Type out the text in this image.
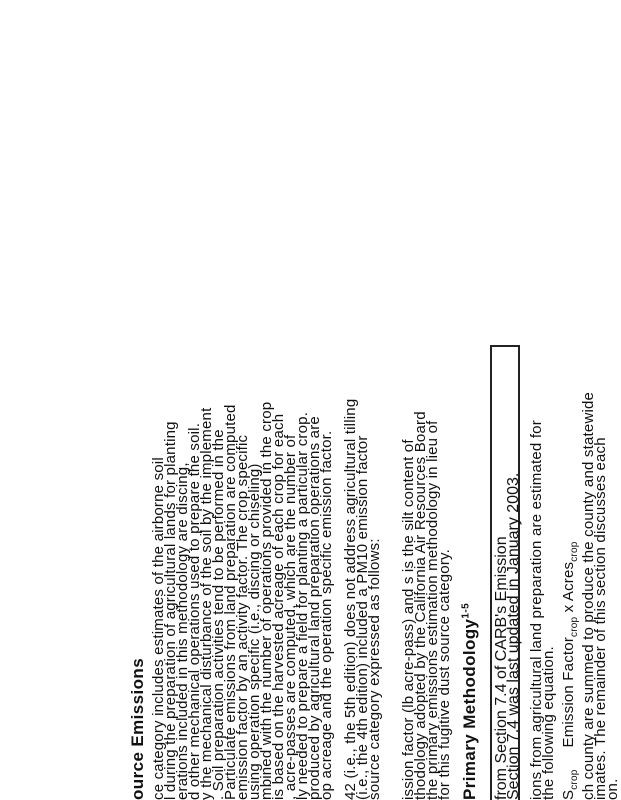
ource Emissions ce category includes estimates of the airborne soil
l during the preparation of agricultural lands for planting
erations included in this methodology are discing,
d other mechanical operations used to prepare the soil.
y the mechanical disturbance of the soil by the implement
. Soil preparation activities tend to be performed in the
Particulate emissions from land preparation are computed
emission factor by an activity factor. The crop specific
using operation specific (i.e., discing or chiseling)
mbined with the number of operations provided in the crop
is based on the harvested acreage of each crop for each
, acre-passes are computed, which are the number of
ly needed to prepare a field for planting a particular crop.
produced by agricultural land preparation operations are
op acreage and the operation specific emission factor. 42 (i.e., the 5th edition) does not address agricultural tilling
(i.e., the 4th edition) included a PM10 emission factor
source category expressed as follows: ission factor (lb acre-pass) and s is the silt content of
thodology adopted by the California Air Resources Board
the primary emissions estimation methodology in lieu of
for this fugitive dust source category. Primary Methodology$^{1-5}$	from Section 7.4 of CARB's Emission
Section 7.4 was last updated in January 2003. ions from agricultural land preparation are estimated for
the following equation. $S_{crop}Emission$ Factor$_{crop}$ x Acres$_{crop}$ ch county are summed to produce the county and statewide
imates. The remainder of this section discusses each
on.
